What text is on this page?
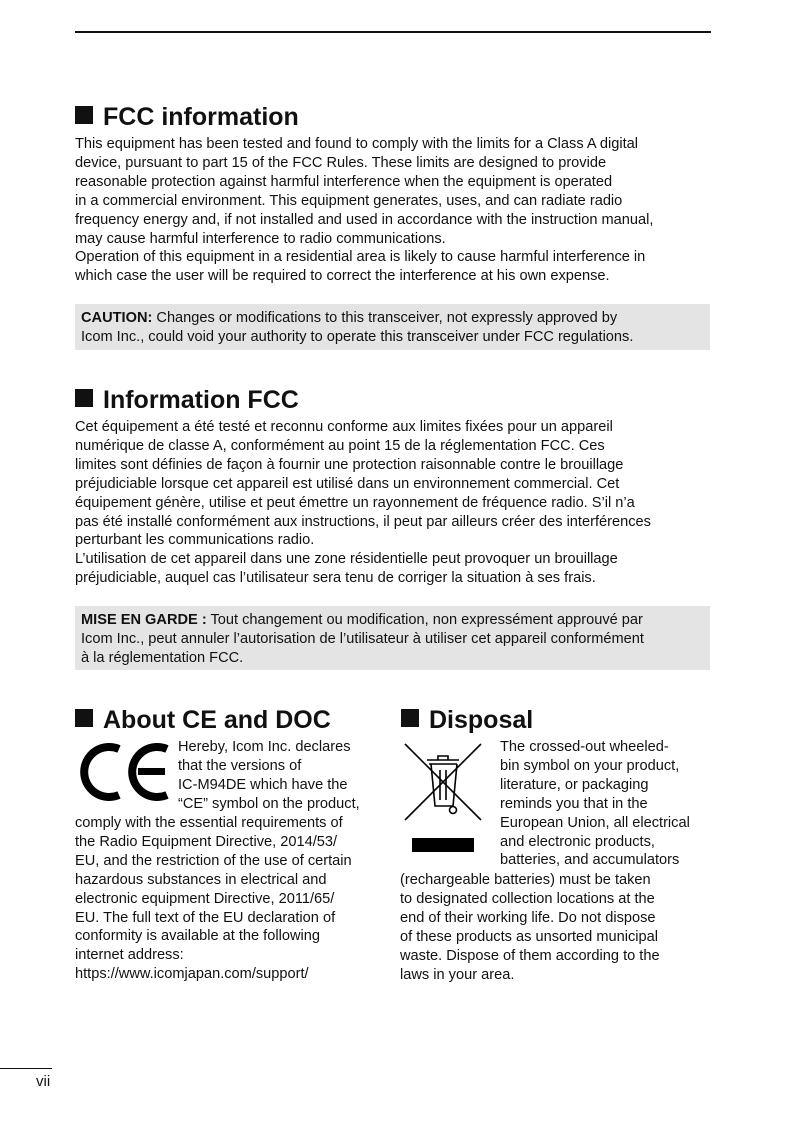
FCC information
This equipment has been tested and found to comply with the limits for a Class A digital
device, pursuant to part 15 of the FCC Rules. These limits are designed to provide
reasonable protection against harmful interference when the equipment is operated
in a commercial environment. This equipment generates, uses, and can radiate radio
frequency energy and, if not installed and used in accordance with the instruction manual,
may cause harmful interference to radio communications.
Operation of this equipment in a residential area is likely to cause harmful interference in
which case the user will be required to correct the interference at his own expense.
CAUTION: Changes or modifications to this transceiver, not expressly approved by
Icom Inc., could void your authority to operate this transceiver under FCC regulations.
Information FCC
Cet équipement a été testé et reconnu conforme aux limites fixées pour un appareil
numérique de classe A, conformément au point 15 de la réglementation FCC. Ces
limites sont définies de façon à fournir une protection raisonnable contre le brouillage
préjudiciable lorsque cet appareil est utilisé dans un environnement commercial. Cet
équipement génère, utilise et peut émettre un rayonnement de fréquence radio. S’il n’a
pas été installé conformément aux instructions, il peut par ailleurs créer des interférences
perturbant les communications radio.
L’utilisation de cet appareil dans une zone résidentielle peut provoquer un brouillage
préjudiciable, auquel cas l’utilisateur sera tenu de corriger la situation à ses frais.
MISE EN GARDE : Tout changement ou modification, non expressément approuvé par
Icom Inc., peut annuler l’autorisation de l’utilisateur à utiliser cet appareil conformément
à la réglementation FCC.
About CE and DOC
Hereby, Icom Inc. declares
that the versions of
IC-M94DE which have the
“CE” symbol on the product,
comply with the essential requirements of
the Radio Equipment Directive, 2014/53/
EU, and the restriction of the use of certain
hazardous substances in electrical and
electronic equipment Directive, 2011/65/
EU. The full text of the EU declaration of
conformity is available at the following
internet address:
https://www.icomjapan.com/support/
Disposal
The crossed-out wheeled-
bin symbol on your product,
literature, or packaging
reminds you that in the
European Union, all electrical
and electronic products,
batteries, and accumulators
(rechargeable batteries) must be taken
to designated collection locations at the
end of their working life. Do not dispose
of these products as unsorted municipal
waste. Dispose of them according to the
laws in your area.
vii
